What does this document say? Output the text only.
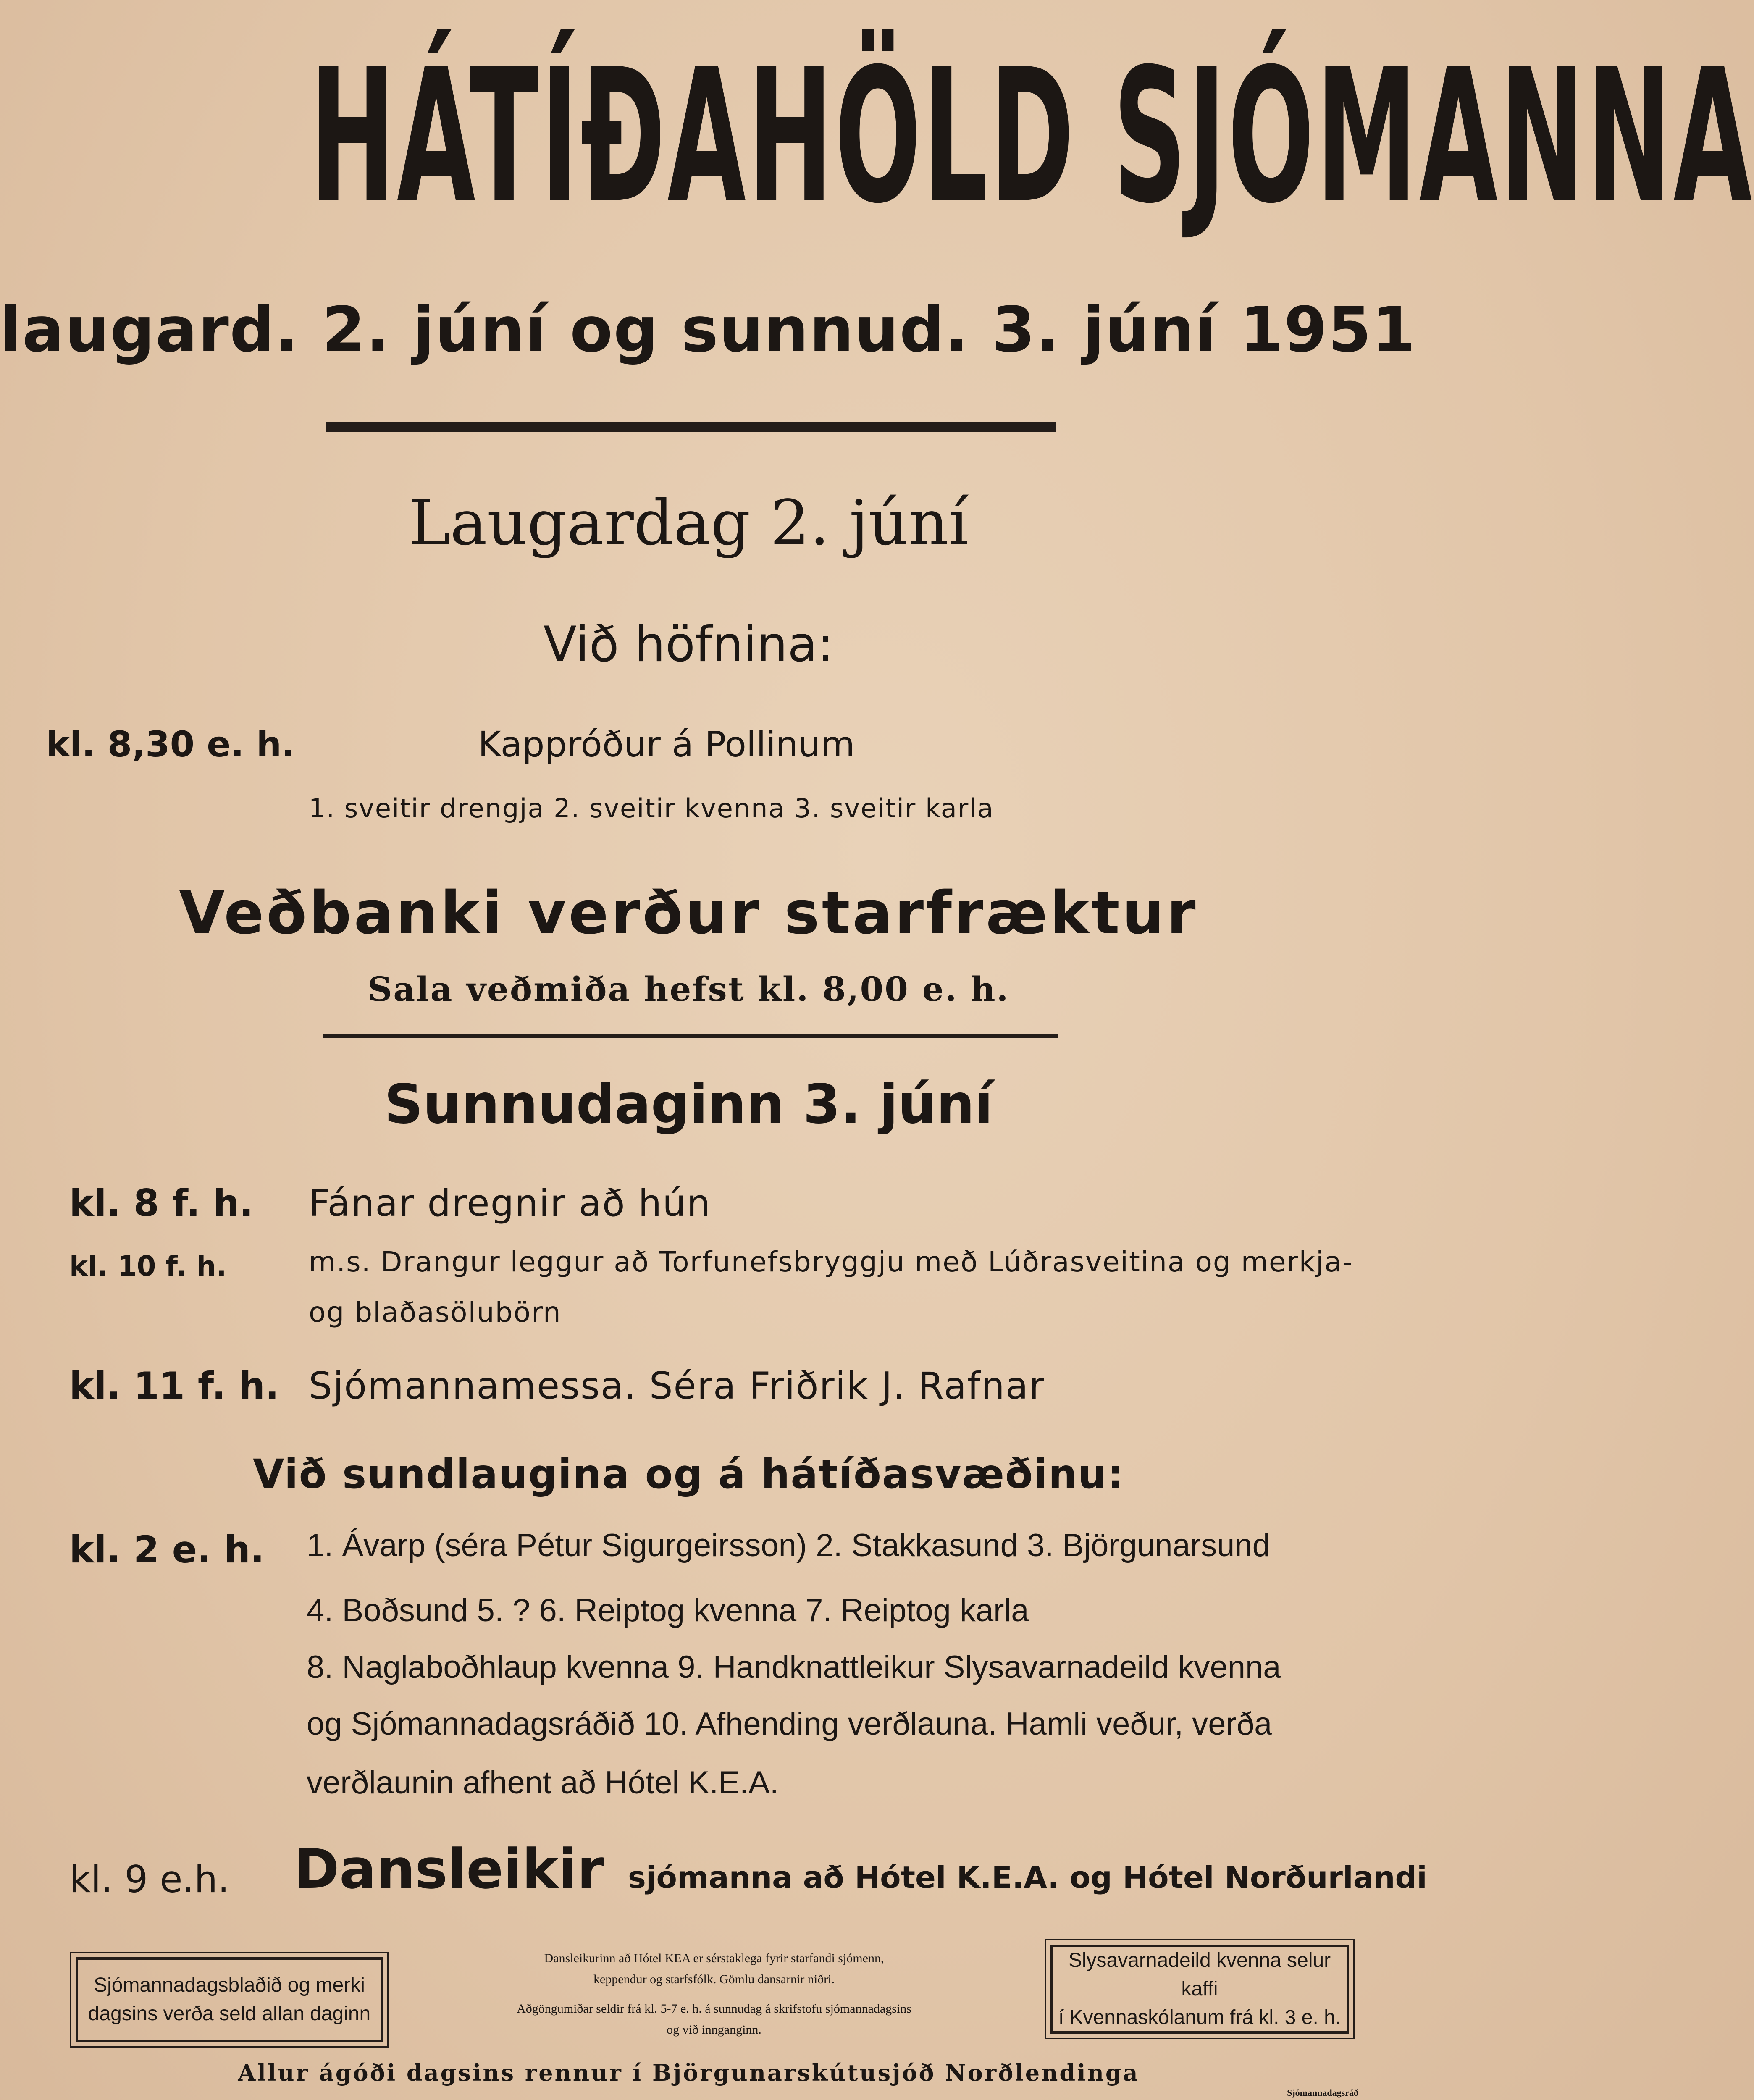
HÁTÍÐAHÖLD SJÓMANNA
laugard. 2. júní og sunnud. 3. júní 1951
Laugardag 2. júní
Við höfnina:
kl. 8,30 e. h.	Kappróður á Pollinum
1. sveitir drengja 2. sveitir kvenna 3. sveitir karla
Veðbanki verður starfræktur
Sala veðmiða hefst kl. 8,00 e. h.
Sunnudaginn 3. júní
kl. 8 f. h. Fánar dregnir að hún
kl. 10 f. h.	m.s. Drangur leggur að Torfunefsbryggju með Lúðrasveitina og merkja-
og blaðasölubörn
kl. 11 f. h. Sjómannamessa. Séra Friðrik J. Rafnar
Við sundlaugina og á hátíðasvæðinu:
kl. 2 e. h. 1. Ávarp (séra Pétur Sigurgeirsson) 2. Stakkasund 3. Björgunarsund
4. Boðsund 5. ? 6. Reiptog kvenna 7. Reiptog karla
8. Naglaboðhlaup kvenna 9. Handknattleikur Slysavarnadeild kvenna
og Sjómannadagsráðið 10. Afhending verðlauna. Hamli veður, verða
verðlaunin afhent að Hótel K.E.A.
kl. 9 e.h. Dansleikir sjómanna að Hótel K.E.A. og Hótel Norðurlandi
Sjómannadagsblaðið og merki
dagsins verða seld allan daginn
Dansleikurinn að Hótel KEA er sérstaklega fyrir starfandi sjómenn,
keppendur og starfsfólk. Gömlu dansarnir niðri.
Aðgöngumiðar seldir frá kl. 5-7 e. h. á sunnudag á skrifstofu sjómannadagsins
og við innganginn.
Slysavarnadeild kvenna selur kaffi
í Kvennaskólanum frá kl. 3 e. h.
Allur ágóði dagsins rennur í Björgunarskútusjóð Norðlendinga
Sjómannadagsráð
